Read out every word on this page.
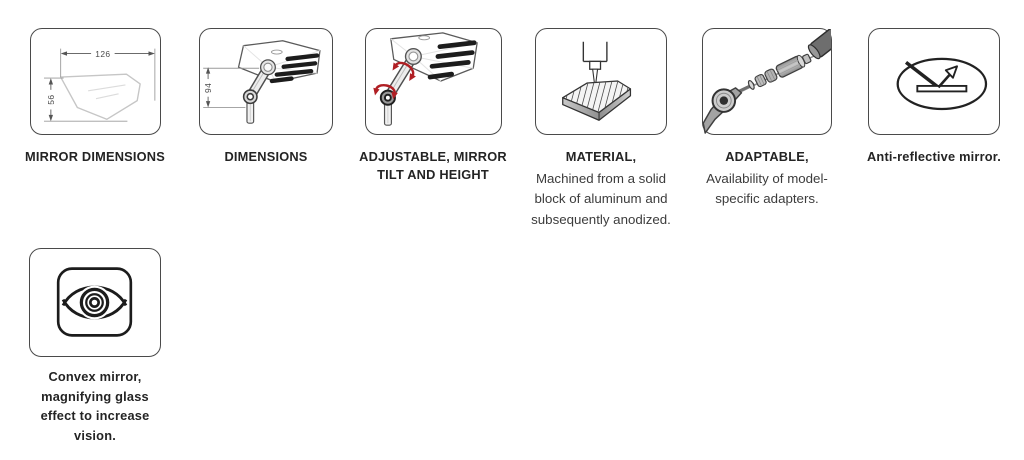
126
56
MIRROR DIMENSIONS
94
DIMENSIONS	ADJUSTABLE, MIRROR TILT AND HEIGHT
MATERIAL,
Machined from a solid block of aluminum and subsequently anodized.
ADAPTABLE,
Availability of model-specific adapters.
Anti-reflective mirror.
Convex mirror, magnifying glass effect to increase vision.
